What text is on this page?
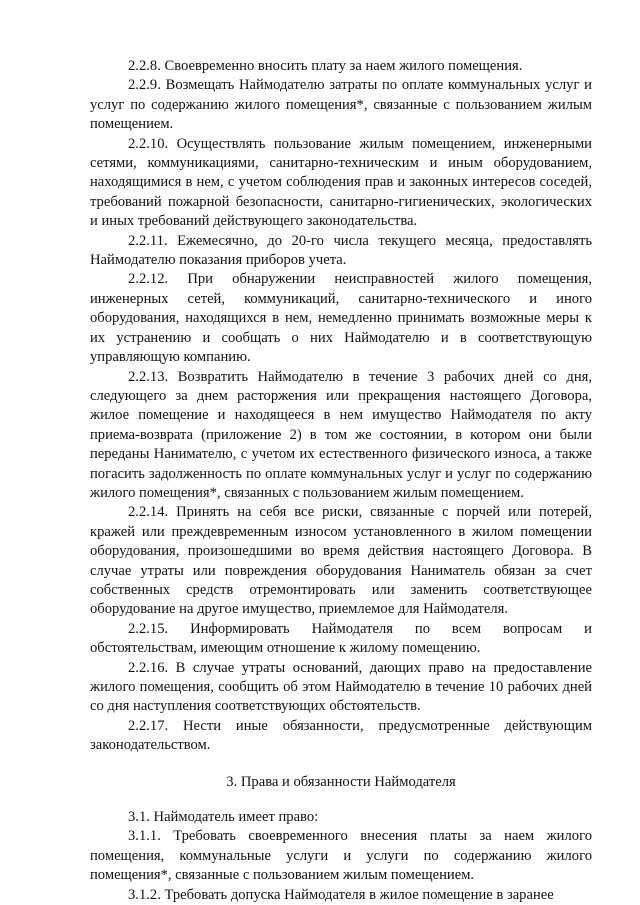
2.2.8. Своевременно вносить плату за наем жилого помещения.

2.2.9. Возмещать Наймодателю затраты по оплате коммунальных услуг и услуг по содержанию жилого помещения*, связанные с пользованием жилым помещением.

2.2.10. Осуществлять пользование жилым помещением, инженерными сетями, коммуникациями, санитарно-техническим и иным оборудованием, находящимися в нем, с учетом соблюдения прав и законных интересов соседей, требований пожарной безопасности, санитарно-гигиенических, экологических и иных требований действующего законодательства.

2.2.11. Ежемесячно, до 20-го числа текущего месяца, предоставлять Наймодателю показания приборов учета.

2.2.12. При обнаружении неисправностей жилого помещения, инженерных сетей, коммуникаций, санитарно-технического и иного оборудования, находящихся в нем, немедленно принимать возможные меры к их устранению и сообщать о них Наймодателю и в соответствующую управляющую компанию.

2.2.13. Возвратить Наймодателю в течение 3 рабочих дней со дня, следующего за днем расторжения или прекращения настоящего Договора, жилое помещение и находящееся в нем имущество Наймодателя по акту приема-возврата (приложение 2) в том же состоянии, в котором они были переданы Нанимателю, с учетом их естественного физического износа, а также погасить задолженность по оплате коммунальных услуг и услуг по содержанию жилого помещения*, связанных с пользованием жилым помещением.

2.2.14. Принять на себя все риски, связанные с порчей или потерей, кражей или преждевременным износом установленного в жилом помещении оборудования, произошедшими во время действия настоящего Договора. В случае утраты или повреждения оборудования Наниматель обязан за счет собственных средств отремонтировать или заменить соответствующее оборудование на другое имущество, приемлемое для Наймодателя.

2.2.15. Информировать Наймодателя по всем вопросам и обстоятельствам, имеющим отношение к жилому помещению.

2.2.16. В случае утраты оснований, дающих право на предоставление жилого помещения, сообщить об этом Наймодателю в течение 10 рабочих дней со дня наступления соответствующих обстоятельств.

2.2.17. Нести иные обязанности, предусмотренные действующим законодательством.

3. Права и обязанности Наймодателя

3.1. Наймодатель имеет право:

3.1.1. Требовать своевременного внесения платы за наем жилого помещения, коммунальные услуги и услуги по содержанию жилого помещения*, связанные с пользованием жилым помещением.

3.1.2. Требовать допуска Наймодателя в жилое помещение в заранее
